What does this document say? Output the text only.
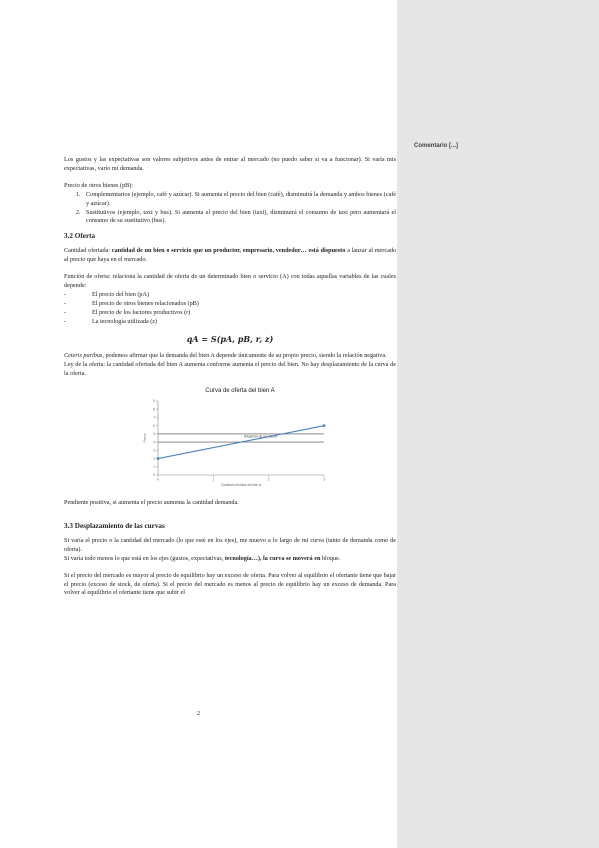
Comentario [...]

Los gustos y las expectativas son valores subjetivos antes de entrar al mercado (no puedo saber si va a funcionar). Si varía mis expectativas, varío mi demanda.

Precio de otros bienes (pB):

1. Complementarios (ejemplo, café y azúcar). Si aumenta el precio del bien (café), disminuirá la demanda y ambos bienes (café y azúcar).
2. Sustitutivos (ejemplo, taxi y bus). Si aumenta el precio del bien (taxi), disminuirá el consumo de taxi pero aumentará el consumo de su sustitutivo (bus).
3.2 Oferta

Cantidad ofertada: cantidad de un bien o servicio que un productor, empresario, vendedor… está dispuesto a lanzar al mercado al precio que haya en el mercado.

Función de oferta: relaciona la cantidad de oferta de un determinado bien o servicio (A) con todas aquellas variables de las cuales depende:

- El precio del bien (pA)
- El precio de otros bienes relacionados (pB)
- El precio de los factores productivos (r)
- La tecnología utilizada (z)
qA = S(pA, pB, r, z)

Ceteris paribus, podemos afirmar que la demanda del bien A depende únicamente de su propio precio, siendo la relación negativa.

Ley de la oferta: la cantidad ofertada del bien A aumenta conforme aumenta el precio del bien. No hay desplazamiento de la curva de la oferta.

Curva de oferta del bien A
0
1
2
3
4
5
6
7
8
9
0	1	2	3
Situación de equilibrio
Cantidad ofertada del bien A
Precio

Pendiente positiva, si aumenta el precio aumenta la cantidad demanda.

3.3 Desplazamiento de las curvas

Si varía el precio o la cantidad del mercado (lo que esté en los ejes), me muevo a lo largo de mi curva (tanto de demanda como de oferta).

Si varía todo menos lo que está en los ejes (gustos, expectativas, tecnología…), la curva se moverá en bloque.

Si el precio del mercado es mayor al precio de equilibrio hay un exceso de oferta. Para volver al equilibrio el ofertante tiene que bajar el precio (exceso de stock, de oferta). Si el precio del mercado es menos al precio de equilibrio hay un exceso de demanda. Para volver al equilibrio el ofertante tiene que subir el

2
